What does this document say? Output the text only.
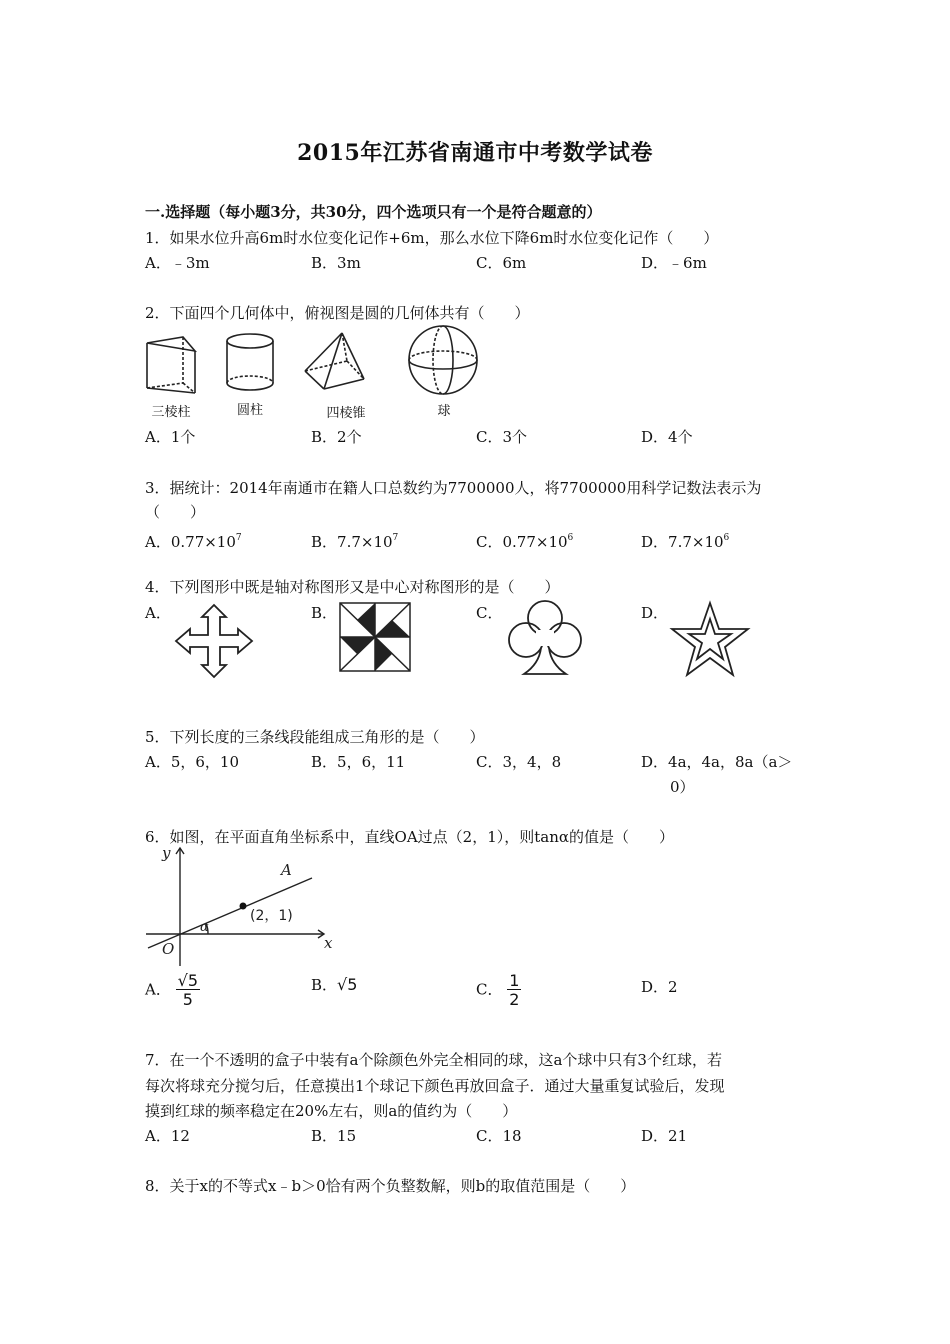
2015年江苏省南通市中考数学试卷
一.选择题（每小题3分，共30分，四个选项只有一个是符合题意的）
1．如果水位升高6m时水位变化记作+6m，那么水位下降6m时水位变化记作（　　）
A．﹣3m	B．3m	C．6m	D．﹣6m
2．下面四个几何体中，俯视图是圆的几何体共有（　　）
三棱柱	圆柱	四棱锥	球
A．1个	B．2个	C．3个	D．4个
3．据统计：2014年南通市在籍人口总数约为7700000人，将7700000用科学记数法表示为
（　　）
A．$0.77\times 10^7$	B．$7.7\times 10^7$	C．$0.77\times 10^6$	D．$7.7\times 10^6$
4．下列图形中既是轴对称图形又是中心对称图形的是（　　）
A．	B．	C．	D．
5．下列长度的三条线段能组成三角形的是（　　）
A．5，6，10	B．5，6，11	C．3，4，8	D．4a，4a，8a（a＞
0）
6．如图，在平面直角坐标系中，直线OA过点（2，1），则tanα的值是（　　）
y
x
O
A
α
(2，1)
A． $\frac{√5}{5}$	B．√5	C． $\frac{1}{2}$	D．2
7．在一个不透明的盒子中装有a个除颜色外完全相同的球，这a个球中只有3个红球，若
每次将球充分搅匀后，任意摸出1个球记下颜色再放回盒子．通过大量重复试验后，发现
摸到红球的频率稳定在20%左右，则a的值约为（　　）
A．12	B．15	C．18	D．21
8．关于x的不等式x﹣b＞0恰有两个负整数解，则b的取值范围是（　　）
